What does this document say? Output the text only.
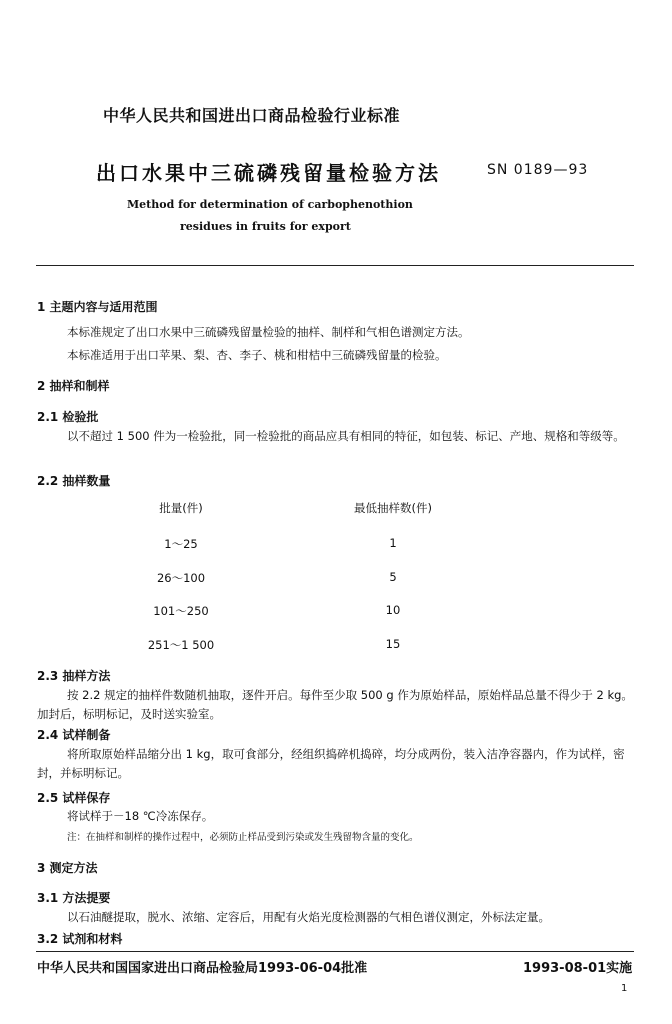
中华人民共和国进出口商品检验行业标准
出口水果中三硫磷残留量检验方法	SN 0189—93
Method for determination of carbophenothion
residues in fruits for export
1 主题内容与适用范围
本标准规定了出口水果中三硫磷残留量检验的抽样、制样和气相色谱测定方法。
本标准适用于出口苹果、梨、杏、李子、桃和柑桔中三硫磷残留量的检验。
2 抽样和制样
2.1 检验批
以不超过 1 500 件为一检验批，同一检验批的商品应具有相同的特征，如包装、标记、产地、规格和等级等。
2.2 抽样数量
批量(件)	最低抽样数(件)
1～25	1
26～100	5
101～250	10
251～1 500	15
2.3 抽样方法
按 2.2 规定的抽样件数随机抽取，逐件开启。每件至少取 500 g 作为原始样品，原始样品总量不得少于 2 kg。加封后，标明标记，及时送实验室。
2.4 试样制备
将所取原始样品缩分出 1 kg，取可食部分，经组织捣碎机捣碎，均分成两份，装入洁净容器内，作为试样，密封，并标明标记。
2.5 试样保存
将试样于－18 ℃冷冻保存。
注：在抽样和制样的操作过程中，必须防止样品受到污染或发生残留物含量的变化。
3 测定方法
3.1 方法提要
以石油醚提取，脱水、浓缩、定容后，用配有火焰光度检测器的气相色谱仪测定，外标法定量。
3.2 试剂和材料
中华人民共和国国家进出口商品检验局1993-06-04批准	1993-08-01实施
1
